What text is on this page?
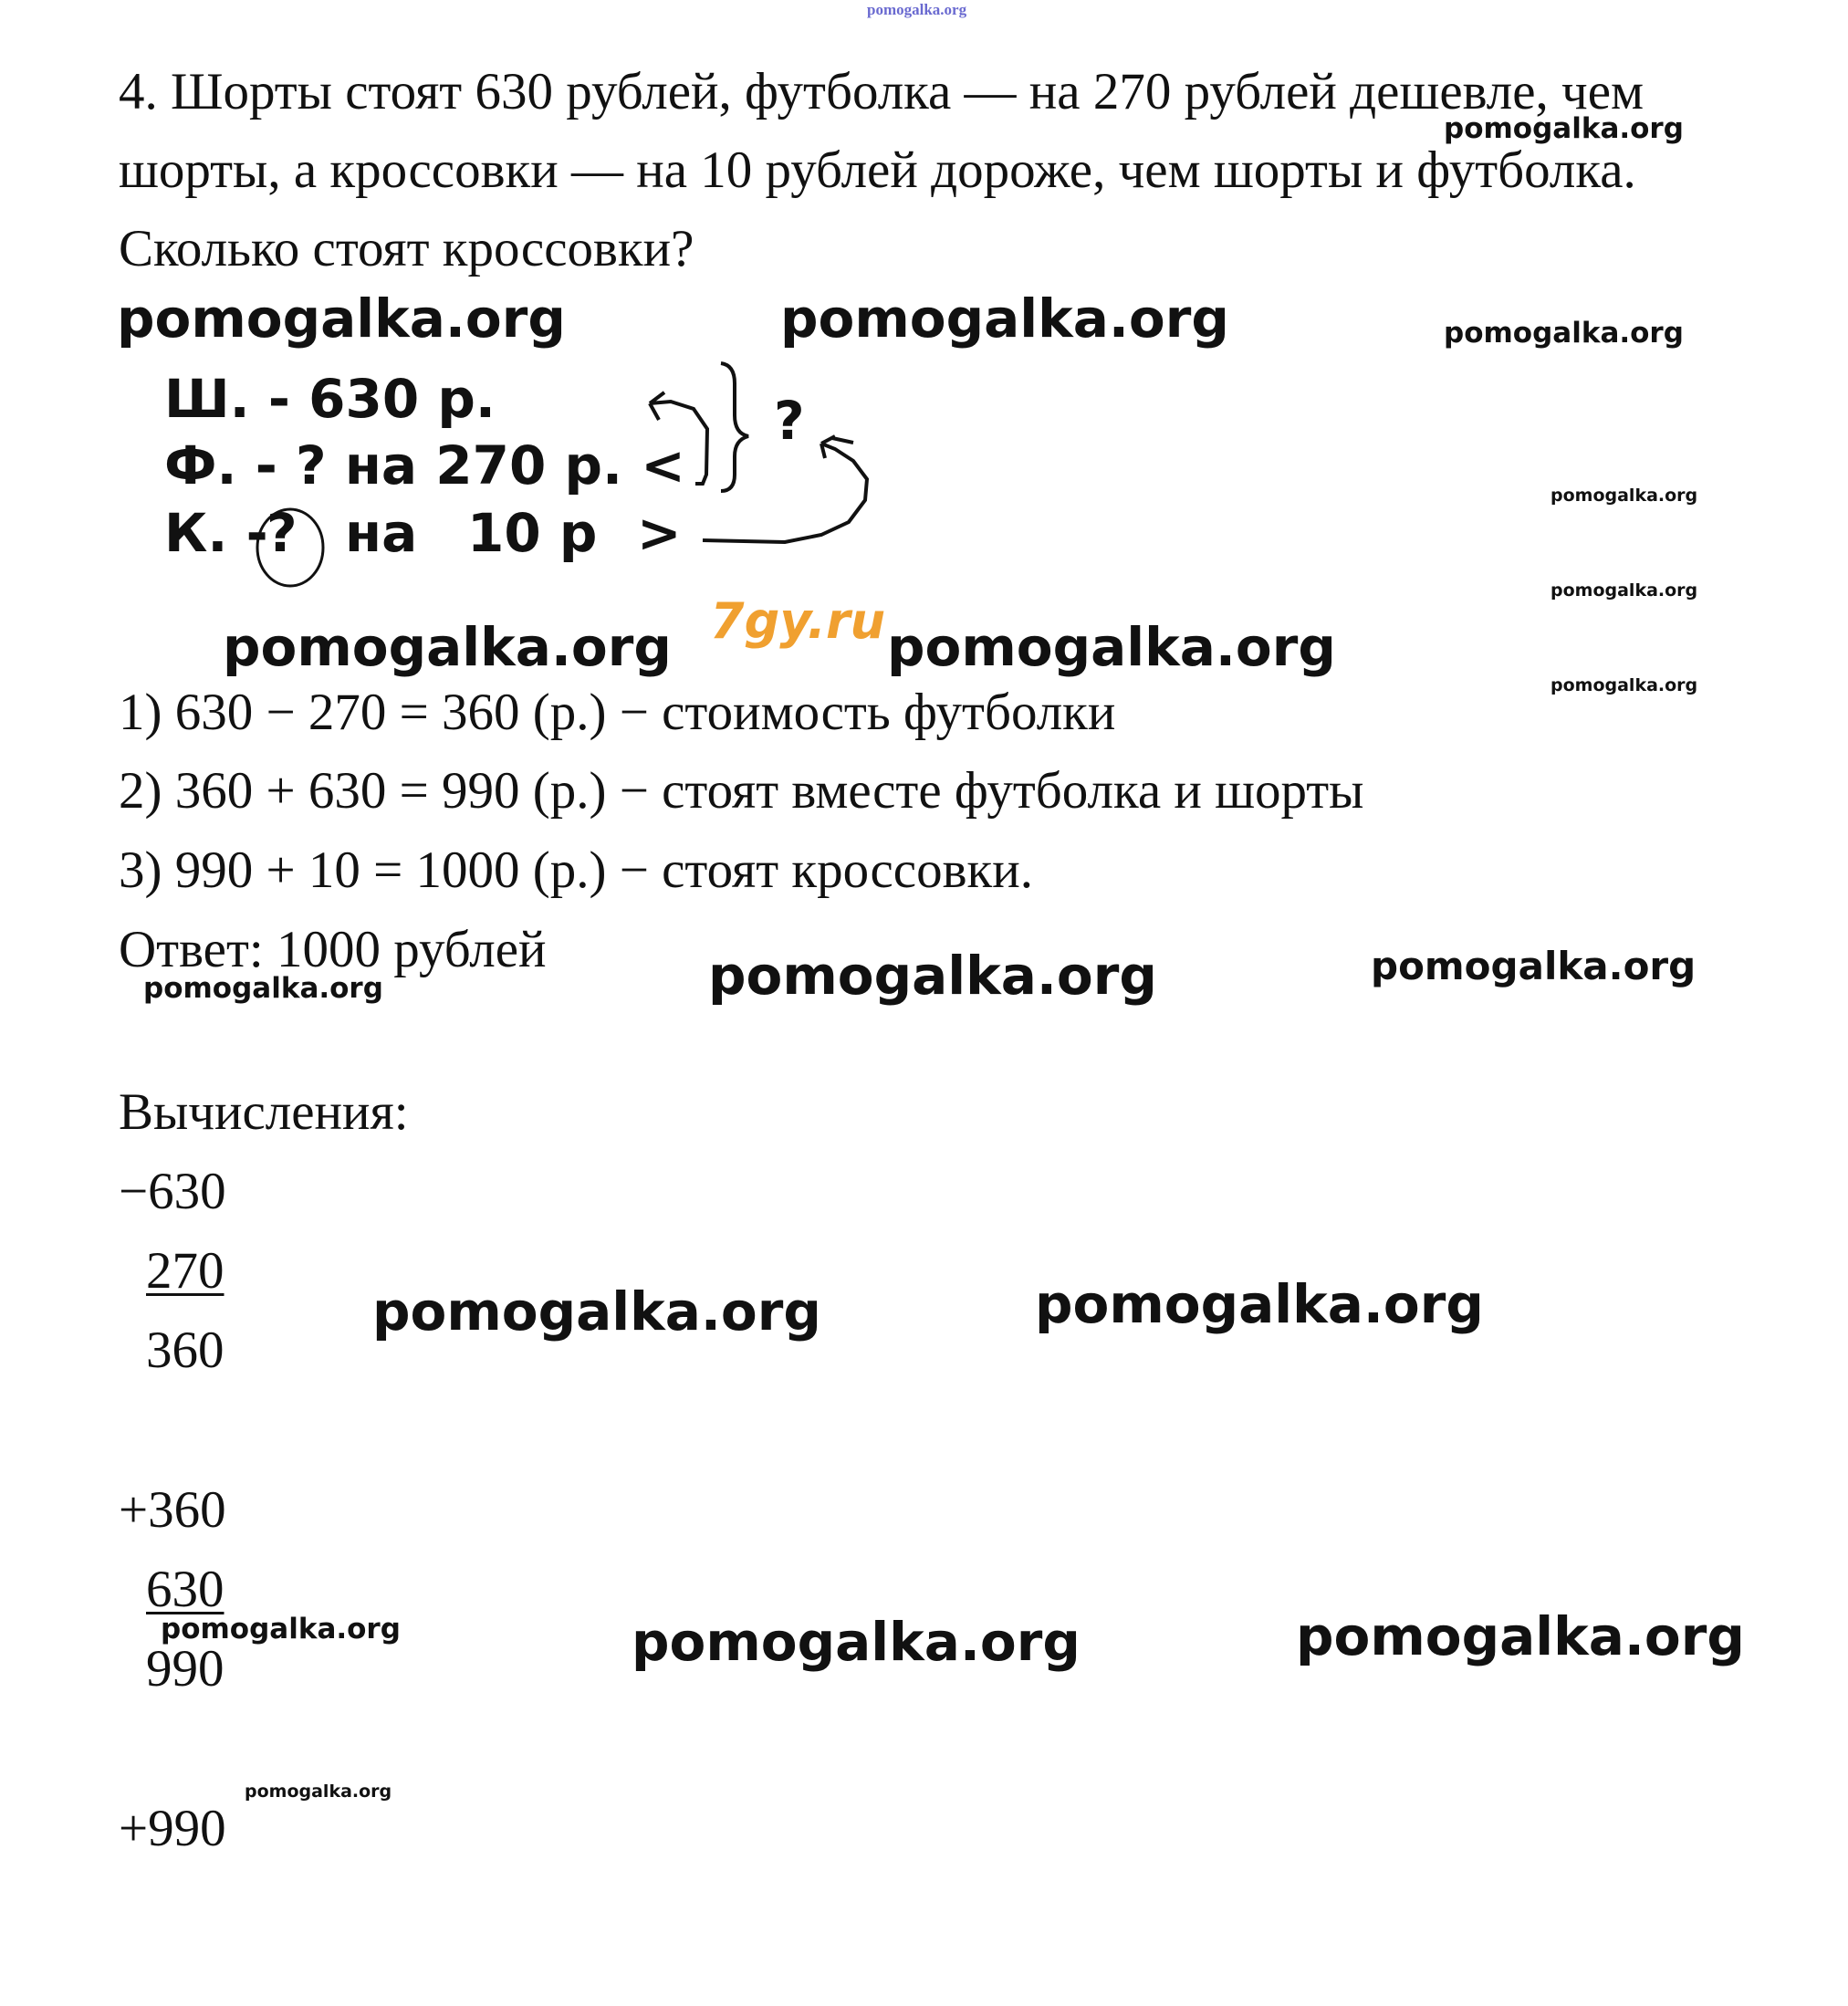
pomogalka.org
4. Шорты стоят 630 рублей, футболка — на 270 рублей дешевле, чем
шорты, а кроссовки — на 10 рублей дороже, чем шорты и футболка.
Сколько стоят кроссовки?
pomogalka.org
pomogalka.org	pomogalka.org	pomogalka.org
Ш. - 630 р.
Ф. - ? на 270 р. <
К. -
? на 10 р >
?
pomogalka.org
pomogalka.org
pomogalka.org
7gy.ru
pomogalka.org	pomogalka.org
1) 630 − 270 = 360 (р.) − стоимость футболки
2) 360 + 630 = 990 (р.) − стоят вместе футболка и шорты
3) 990 + 10 = 1000 (р.) − стоят кроссовки.
Ответ: 1000 рублей
pomogalka.org	pomogalka.org	pomogalka.org
Вычисления:
−630
270
360
pomogalka.org	pomogalka.org
+360
630
990
pomogalka.org	pomogalka.org	pomogalka.org
pomogalka.org
+990
